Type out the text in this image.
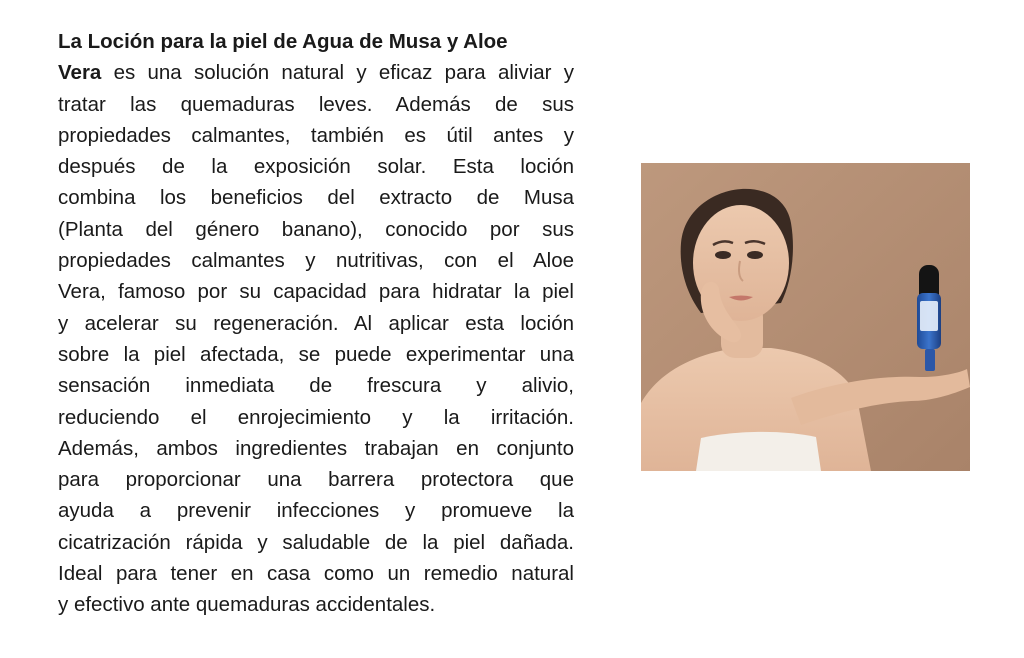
La Loción para la piel de Agua de Musa y Aloe
Vera es una solución natural y eficaz para aliviar y
tratar las quemaduras leves. Además de sus
propiedades calmantes, también es útil antes y
después de la exposición solar. Esta loción
combina los beneficios del extracto de Musa
(Planta del género banano), conocido por sus
propiedades calmantes y nutritivas, con el Aloe
Vera, famoso por su capacidad para hidratar la piel
y acelerar su regeneración. Al aplicar esta loción
sobre la piel afectada, se puede experimentar una
sensación inmediata de frescura y alivio,
reduciendo el enrojecimiento y la irritación.
Además, ambos ingredientes trabajan en conjunto
para proporcionar una barrera protectora que
ayuda a prevenir infecciones y promueve la
cicatrización rápida y saludable de la piel dañada.
Ideal para tener en casa como un remedio natural
y efectivo ante quemaduras accidentales.
